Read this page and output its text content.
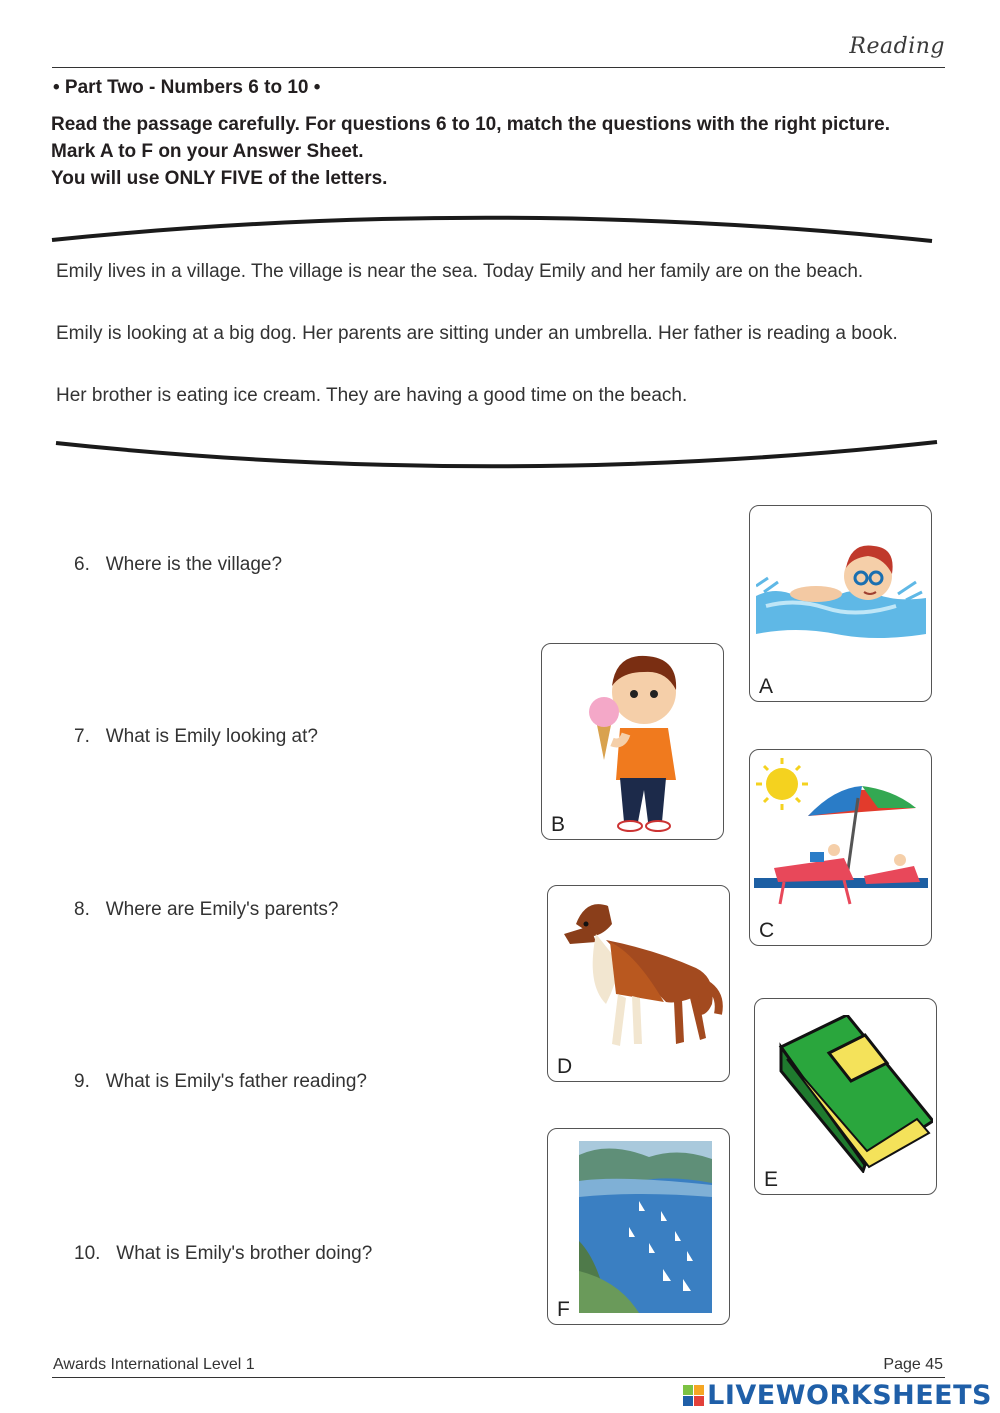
Reading
• Part Two - Numbers 6 to 10 •
Read the passage carefully. For questions 6 to 10, match the questions with the right picture.
Mark A to F on your Answer Sheet.
You will use ONLY FIVE of the letters.
Emily lives in a village. The village is near the sea. Today Emily and her family are on the beach.
Emily is looking at a big dog. Her parents are sitting under an umbrella. Her father is reading a book.
Her brother is eating ice cream. They are having a good time on the beach.
6. Where is the village?
7. What is Emily looking at?
8. Where are Emily's parents?
9. What is Emily's father reading?
10. What is Emily's brother doing?
A
B
C
D
E
F
Awards International Level 1	Page 45
LIVEWORKSHEETS
